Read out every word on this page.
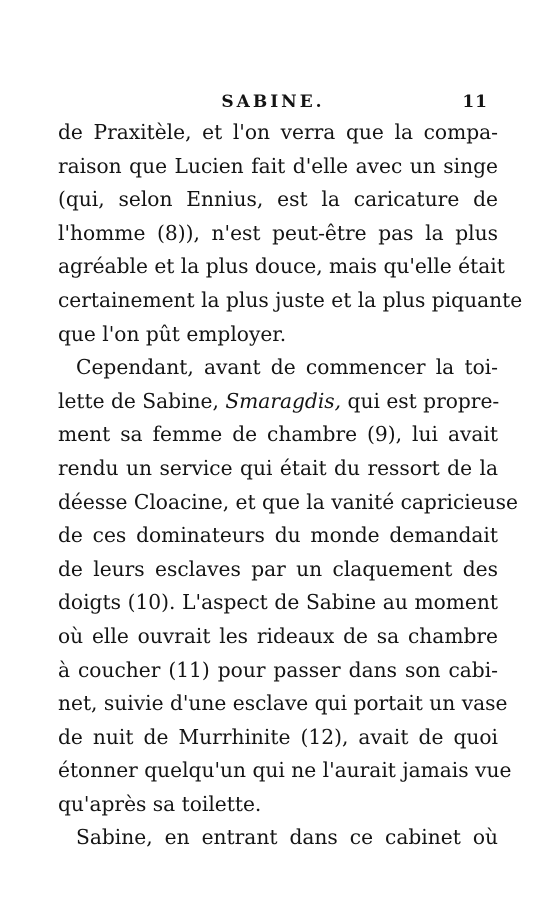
SABINE.	11
de Praxitèle, et l'on verra que la compa-
raison que Lucien fait d'elle avec un singe
(qui, selon Ennius, est la caricature de
l'homme (8)), n'est peut-être pas la plus
agréable et la plus douce, mais qu'elle était
certainement la plus juste et la plus piquante
que l'on pût employer.
Cependant, avant de commencer la toi-
lette de Sabine, Smaragdis, qui est propre-
ment sa femme de chambre (9), lui avait
rendu un service qui était du ressort de la
déesse Cloacine, et que la vanité capricieuse
de ces dominateurs du monde demandait
de leurs esclaves par un claquement des
doigts (10). L'aspect de Sabine au moment
où elle ouvrait les rideaux de sa chambre
à coucher (11) pour passer dans son cabi-
net, suivie d'une esclave qui portait un vase
de nuit de Murrhinite (12), avait de quoi
étonner quelqu'un qui ne l'aurait jamais vue
qu'après sa toilette.
Sabine, en entrant dans ce cabinet où
